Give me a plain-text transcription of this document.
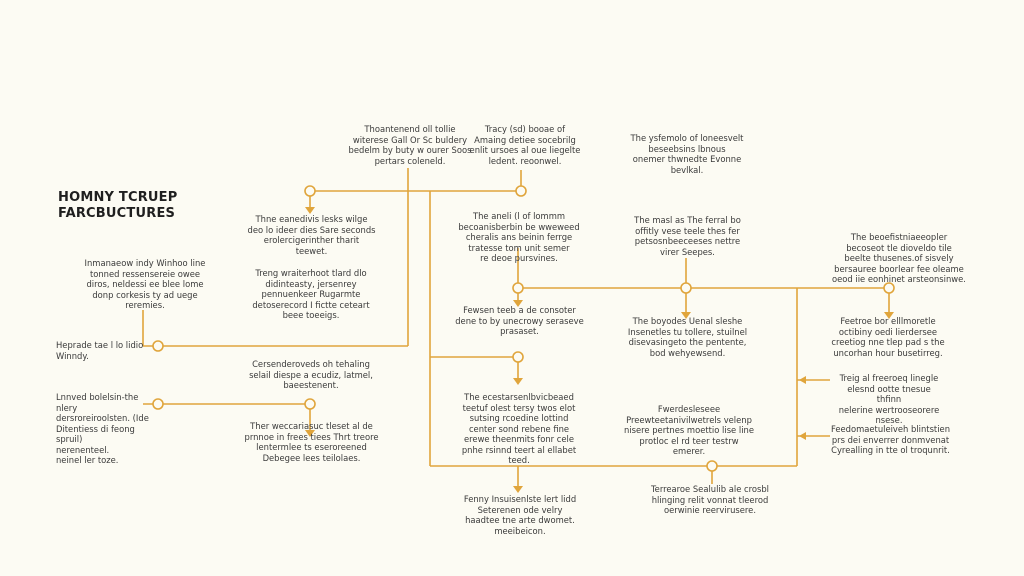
HOMNY TCRUEP
FARCBUCTURES
Thoantenend oll tollie
witerese Gall Or Sc buldery
bedelm by buty w ourer Soos
pertars coleneld.
Tracy (sd) booae of
Amaing detiee socebrilg
enlit ursoes al oue liegelte
ledent. reoonwel.
The ysfemolo of loneesvelt
beseebsins lbnous
onemer thwnedte Evonne
bevlkal.
Thne eanedivis lesks wilge
deo lo ideer dies Sare seconds
erolercigerinther tharit
teewet.
The aneli (l of lommm
becoanisberbin be wweweed
cheralis ans beinin ferrge
tratesse tom unit semer
re deoe pursvines.
The masl as The ferral bo
offitly vese teele thes fer
petsosnbeeceeses nettre
virer Seepes.
Inmanaeow indy Winhoo line
tonned ressensereie owee
diros, neldessi ee blee lome
donp corkesis ty ad uege
reremies.
Treng wraiterhoot tlard dlo
didinteasty, jersenrey
pennuenkeer Rugarmte
detoserecord I fictte ceteart
beee toeeigs.	Fewsen teeb a de consoter
dene to by unecrowy seraseve
prasaset.
The boyodes Uenal sleshe
Insenetles tu tollere, stuilnel
disevasingeto the pentente,
bod wehyewsend.
The beoefistniaeeopler
becoseot tle dioveldo tile
beelte thusenes.of sisvely
bersauree boorlear fee oleame
oeod iie eonhinet arsteonsinwe.
Feetroe bor elllmoretle
octibiny oedi lierdersee
creetiog nne tlep pad s the
uncorhan hour busetirreg.
Heprade tae l lo lidio
Winndy.
Lnnved bolelsin-the nlery
dersroreiroolsten. (Ide
Ditentiess di feong spruil)
nerenenteel.
neinel ler toze.
Cersenderoveds oh tehaling
selail diespe a ecudiz, latmel,
baeestenent.
Treig al freeroeq linegle
elesnd ootte tnesue thfinn
nelerine wertrooseorere
nsese.
Ther weccariasuc tleset al de
prnnoe in frees tiees Thrt treore
lentermlee ts eseroreened
Debegee lees teilolaes.
The ecestarsenlbvicbeaed
teetuf olest tersy twos elot
sutsing rcoedine lottind
center sond rebene fine
erewe theenmits fonr cele
pnhe rsinnd teert al ellabet
teed.
Fwerdesleseee
Preewteetanivilwetrels velenp
nisere pertnes moettio lise line
protloc el rd teer testrw
emerer.
Feedomaetuleiveh blintstien
prs dei enverrer donmvenat
Cyrealling in tte ol troqunrit.
Fenny Insuisenlste lert lidd
Seterenen ode velry
haadtee tne arte dwomet.
meeibeicon.
Terrearoe Sealulib ale crosbl
hlinging relit vonnat tleerod
oerwinie reervirusere.
